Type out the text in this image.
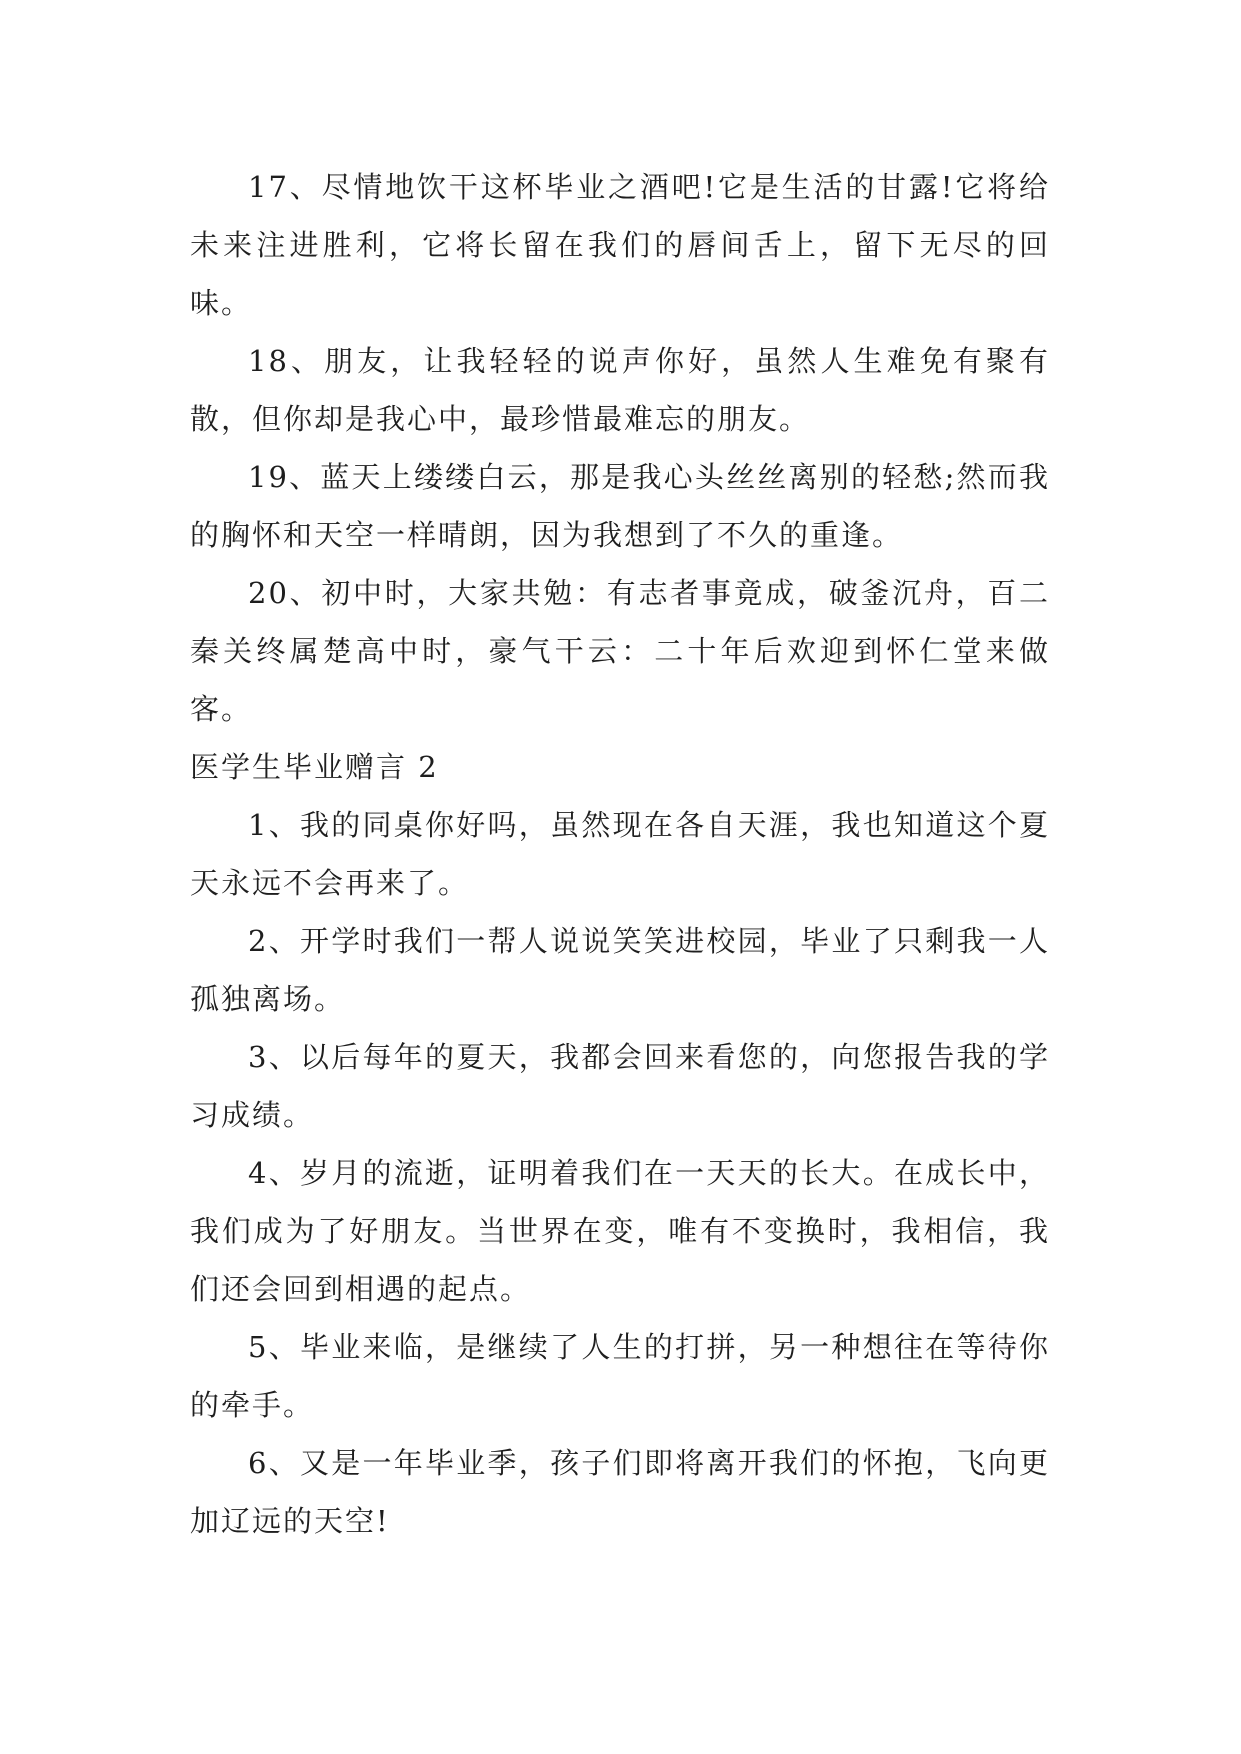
17、尽情地饮干这杯毕业之酒吧!它是生活的甘露!它将给未来注进胜利，它将长留在我们的唇间舌上，留下无尽的回味。

18、朋友，让我轻轻的说声你好，虽然人生难免有聚有散，但你却是我心中，最珍惜最难忘的朋友。

19、蓝天上缕缕白云，那是我心头丝丝离别的轻愁;然而我的胸怀和天空一样晴朗，因为我想到了不久的重逢。

20、初中时，大家共勉：有志者事竟成，破釜沉舟，百二秦关终属楚高中时，豪气干云：二十年后欢迎到怀仁堂来做客。

医学生毕业赠言 2

1、我的同桌你好吗，虽然现在各自天涯，我也知道这个夏天永远不会再来了。

2、开学时我们一帮人说说笑笑进校园，毕业了只剩我一人孤独离场。

3、以后每年的夏天，我都会回来看您的，向您报告我的学习成绩。

4、岁月的流逝，证明着我们在一天天的长大。在成长中，我们成为了好朋友。当世界在变，唯有不变换时，我相信，我们还会回到相遇的起点。

5、毕业来临，是继续了人生的打拼，另一种想往在等待你的牵手。

6、又是一年毕业季，孩子们即将离开我们的怀抱，飞向更加辽远的天空!
